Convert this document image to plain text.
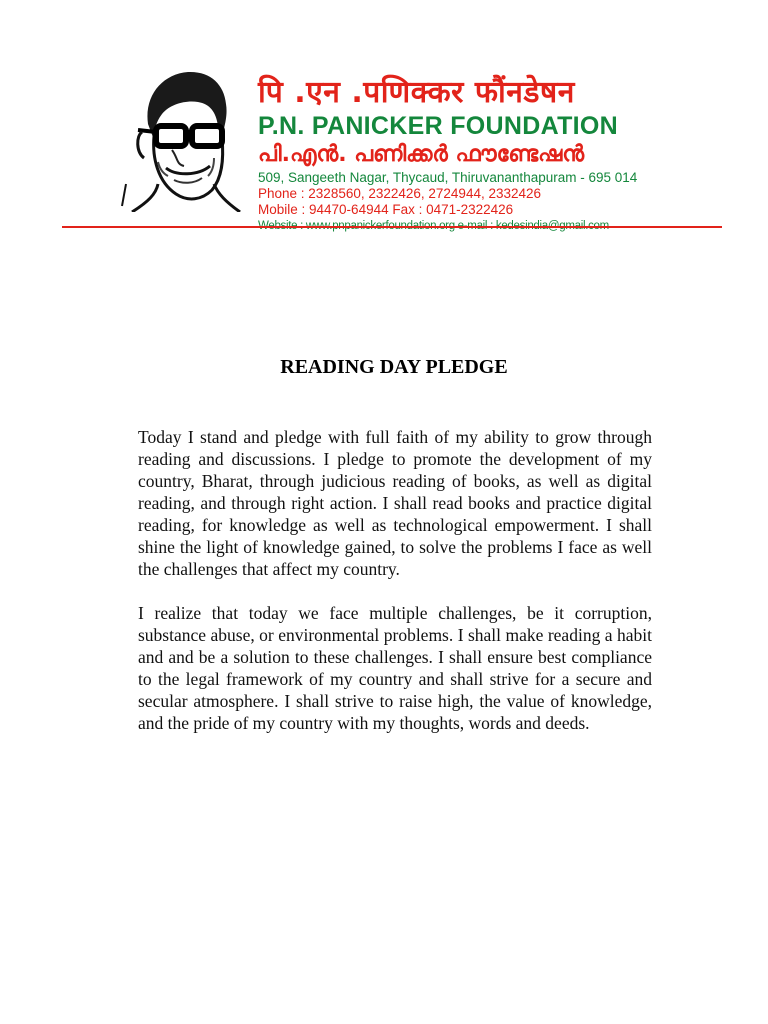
पि .एन .पणिक्कर फौंनडेषन

P.N. PANICKER FOUNDATION

പി.എൻ. പണിക്കർ ഫൗണ്ടേഷൻ

509, Sangeeth Nagar, Thycaud, Thiruvananthapuram - 695 014

Phone : 2328560, 2322426, 2724944, 2332426

Mobile : 94470-64944 Fax : 0471-2322426

READING DAY PLEDGE

Today I stand and pledge with full faith of my ability to grow through reading and discussions. I pledge to promote the development of my country, Bharat, through judicious reading of books, as well as digital reading, and through right action. I shall read books and practice digital reading, for knowledge as well as technological empowerment. I shall shine the light of knowledge gained, to solve the problems I face as well the challenges that affect my country.

I realize that today we face multiple challenges, be it corruption, substance abuse, or environmental problems. I shall make reading a habit and and be a solution to these challenges. I shall ensure best compliance to the legal framework of my country and shall strive for a secure and secular atmosphere. I shall strive to raise high, the value of knowledge, and the pride of my country with my thoughts, words and deeds.
